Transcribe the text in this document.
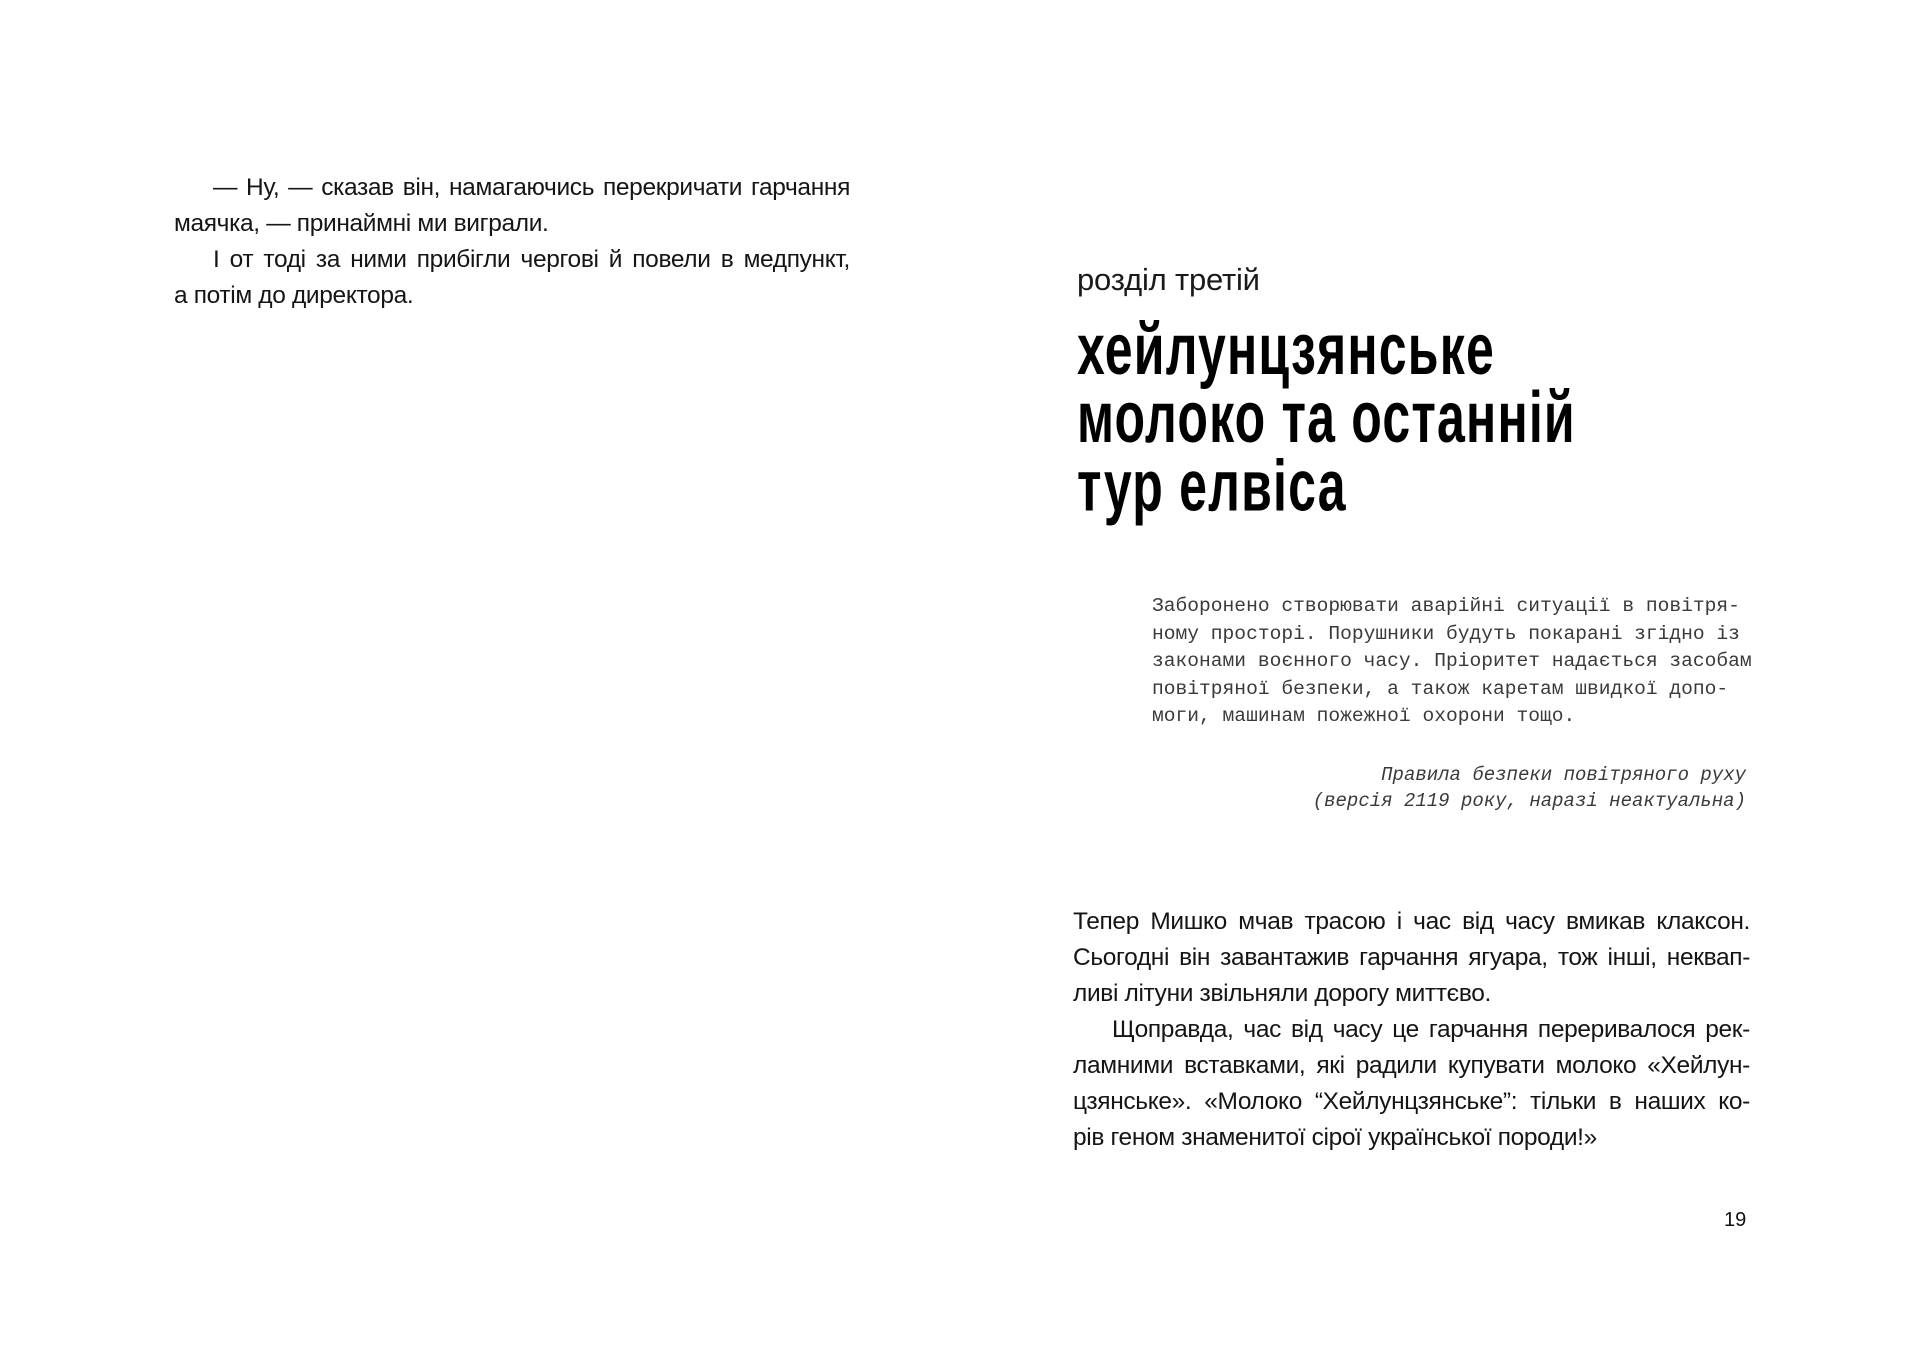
— Ну, — сказав він, намагаючись перекричати гарчання
маячка, — принаймні ми виграли.

І от тоді за ними прибігли чергові й повели в медпункт,
а потім до директора.	розділ третій
хейлунцзянське
молоко та останній
тур елвіса
Заборонено створювати аварійні ситуації в повітря-
ному просторі. Порушники будуть покарані згідно із
законами воєнного часу. Пріоритет надається засобам
повітряної безпеки, а також каретам швидкої допо-
моги, машинам пожежної охорони тощо.
Правила безпеки повітряного руху
(версія 2119 року, наразі неактуальна)

Тепер Мишко мчав трасою і час від часу вмикав клаксон.
Сьогодні він завантажив гарчання ягуара, тож інші, неквап-
ливі літуни звільняли дорогу миттєво.

Щоправда, час від часу це гарчання переривалося рек-
ламними вставками, які радили купувати молоко «Хейлун-
цзянське». «Молоко “Хейлунцзянське”: тільки в наших ко-
рів геном знаменитої сірої української породи!»

19
